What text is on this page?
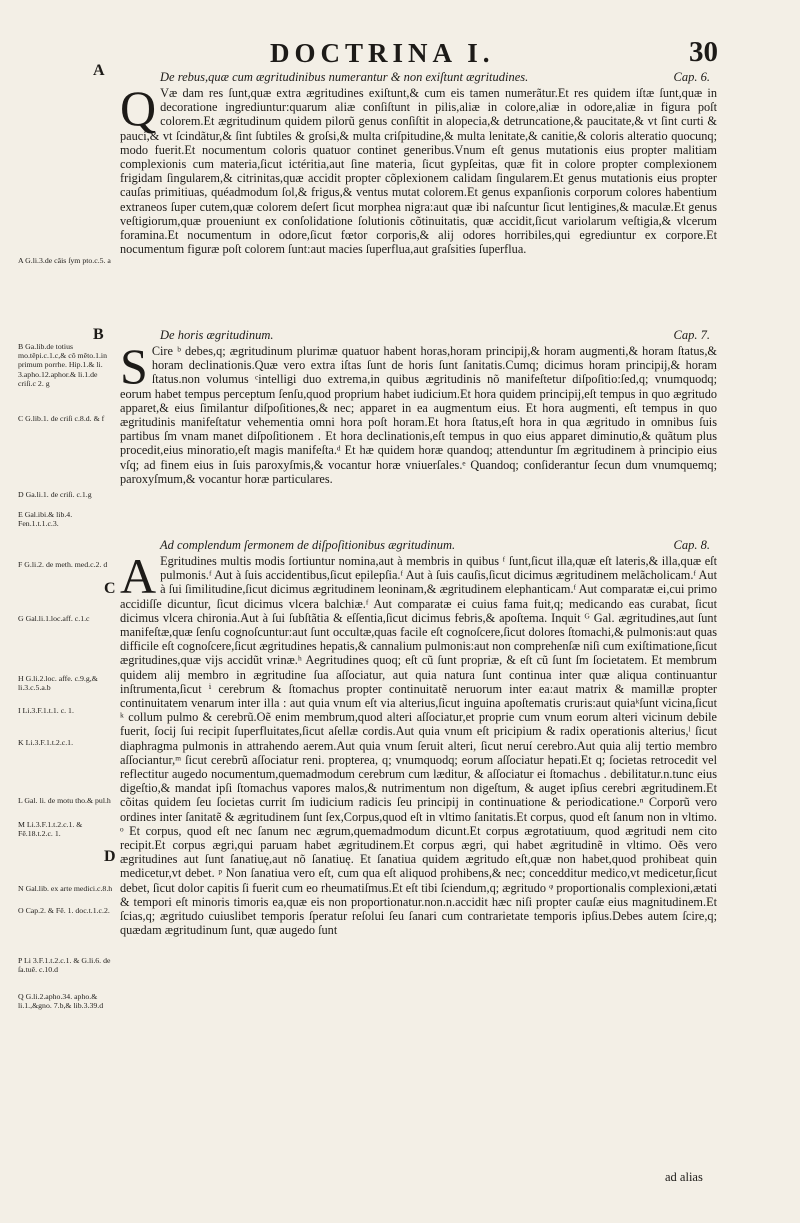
DOCTRINA I.	30
A
B
C
D
De rebus,quæ cum ægritudinibus numerantur & non exiſtunt ægritudines.	Cap. 6.

Q Væ dam res ſunt,quæ extra ægritudines exiſtunt,& cum eis tamen numerãtur.Et res quidem iſtæ ſunt,quæ in decoratione ingrediuntur:quarum aliæ conſiſtunt in pilis,aliæ in colore,aliæ in odore,aliæ in figura poſt colorem.Et ægritudinum quidem pilorũ genus conſiſtit in alopecia,& detruncatione,& paucitate,& vt ſint curti & pauci,& vt ſcindãtur,& ſint ſubtiles & groſsi,& multa criſpitudine,& multa lenitate,& canitie,& coloris alteratio quocunq; modo fuerit.Et nocumentum coloris quatuor continet generibus.Vnum eſt genus mutationis eius propter malitiam complexionis cum materia,ſicut ictéritia,aut ſine materia, ſicut gypſeitas, quæ fit in colore propter complexionem frigidam ſingularem,& citrinitas,quæ accidit propter cõplexionem calidam ſingularem.Et genus mutationis eius propter cauſas primitiuas, quéadmodum ſol,& frigus,& ventus mutat colorem.Et genus expanſionis corporum colores habentium extraneos ſuper cutem,quæ colorem deſert ſicut morphea nigra:aut quæ ibi naſcuntur ſicut lentigines,& maculæ.Et genus veſtigiorum,quæ proueniunt ex conſolidatione ſolutionis cõtinuitatis, quæ accidit,ſicut variolarum veſtigia,& vlcerum foramina.Et nocumentum in odore,ſicut fœtor corporis,& alij odores horribiles,qui egrediuntur ex corpore.Et nocumentum figuræ poſt colorem ſunt:aut macies ſuperflua,aut graſsities ſuperflua.

De horis ægritudinum.	Cap. 7.

S Cire ᵇ debes,q; ægritudinum plurimæ quatuor habent horas,horam principij,& horam augmenti,& horam ſtatus,& horam declinationis.Quæ vero extra iſtas ſunt de horis ſunt ſanitatis.Cumq; dicimus horam principij,& horam ſtatus.non volumus ᶜintelligi duo extrema,in quibus ægritudinis nõ manifeſtetur diſpoſitio:ſed,q; vnumquodq; eorum habet tempus perceptum ſenſu,quod proprium habet iudicium.Et hora quidem principij,eſt tempus in quo ægritudo apparet,& eius ſimilantur diſpoſitiones,& nec; apparet in ea augmentum eius. Et hora augmenti, eſt tempus in quo ægritudinis manifeſtatur vehementia omni hora poſt horam.Et hora ſtatus,eſt hora in qua ægritudo in omnibus ſuis partibus ſm vnam manet diſpoſitionem . Et hora declinationis,eſt tempus in quo eius apparet diminutio,& quãtum plus procedit,eius minoratio,eſt magis manifeſta.ᵈ Et hæ quidem horæ quandoq; attenduntur ſm ægritudinem à principio eius vſq; ad finem eius in ſuis paroxyſmis,& vocantur horæ vniuerſales.ᵉ Quandoq; conſiderantur ſecun dum vnumquemq; paroxyſmum,& vocantur horæ particulares.

Ad complendum ſermonem de diſpoſitionibus ægritudinum.	Cap. 8.

A Egritudines multis modis ſortiuntur nomina,aut à membris in quibus ᶠ ſunt,ſicut illa,quæ eſt lateris,& illa,quæ eſt pulmonis.ᶠ Aut à ſuis accidentibus,ſicut epilepſia.ᶠ Aut à ſuis cauſis,ſicut dicimus ægritudinem melãcholicam.ᶠ Aut à ſui ſimilitudine,ſicut dicimus ægritudinem leoninam,& ægritudinem elephanticam.ᶠ Aut comparatæ ei,cui primo accidiſſe dicuntur, ſicut dicimus vlcera balchiæ.ᶠ Aut comparatæ ei cuius fama fuit,q; medicando eas curabat, ſicut dicimus vlcera chironia.Aut à ſui ſubſtãtia & eſſentia,ſicut dicimus febris,& apoſtema. Inquit ᴳ Gal. ægritudines,aut ſunt manifeſtæ,quæ ſenſu cognoſcuntur:aut ſunt occultæ,quas facile eſt cognoſcere,ſicut dolores ſtomachi,& pulmonis:aut quas difficile eſt cognoſcere,ſicut ægritudines hepatis,& cannalium pulmonis:aut non comprehenſæ niſi cum exiſtimatione,ſicut ægritudines,quæ vijs accidũt vrinæ.ʰ Aegritudines quoq; eſt cũ ſunt propriæ, & eſt cũ ſunt ſm ſocietatem. Et membrum quidem alij membro in ægritudine ſua aſſociatur, aut quia natura ſunt continua inter quæ aliqua continuantur inſtrumenta,ſicut ⁱ cerebrum & ſtomachus propter continuitatẽ neruorum inter ea:aut matrix & mamillæ propter continuitatem venarum inter illa : aut quia vnum eſt via alterius,ſicut inguina apoſtematis cruris:aut quiaᵏſunt vicina,ſicut ᵏ collum pulmo & cerebrũ.Oẽ enim membrum,quod alteri aſſociatur,et proprie cum vnum eorum alteri vicinum debile fuerit, ſocij ſui recipit ſuperfluitates,ſicut aſellæ cordis.Aut quia vnum eſt pricipium & radix operationis alterius,ˡ ſicut diaphragma pulmonis in attrahendo aerem.Aut quia vnum ſeruit alteri, ſicut neruí cerebro.Aut quia alij tertio membro aſſociantur,ᵐ ſicut cerebrũ aſſociatur reni. propterea, q; vnumquodq; eorum aſſociatur hepati.Et q; ſocietas retrocedit vel reflectitur augedo nocumentum,quemadmodum cerebrum cum læditur, & aſſociatur ei ſtomachus . debilitatur.n.tunc eius digeſtio,& mandat ipſi ſtomachus vapores malos,& nutrimentum non digeſtum, & auget ipſius cerebri ægritudinem.Et cõitas quidem ſeu ſocietas currit ſm iudicium radicis ſeu principij in continuatione & periodicatione.ⁿ Corporũ vero ordines inter ſanitatẽ & ægritudinem ſunt ſex,Corpus,quod eſt in vltimo ſanitatis.Et corpus, quod eſt ſanum non in vltimo. ᵒ Et corpus, quod eſt nec ſanum nec ægrum,quemadmodum dicunt.Et corpus ægrotatiuum, quod ægritudi nem cito recipit.Et corpus ægri,qui paruam habet ægritudinem.Et corpus ægri, qui habet ægritudinẽ in vltimo. Oẽs vero ægritudines aut ſunt ſanatiuę,aut nõ ſanatiuę. Et ſanatiua quidem ægritudo eſt,quæ non habet,quod prohibeat quin medicetur,vt debet. ᵖ Non ſanatiua vero eſt, cum qua eſt aliquod prohibens,& nec; concedditur medico,vt medicetur,ſicut debet, ſicut dolor capitis ſi fuerit cum eo rheumatiſmus.Et eſt tibi ſciendum,q; ægritudo ᵠ proportionalis complexioni,ætati & tempori eſt minoris timoris ea,quæ eis non proportionatur.non.n.accidit hæc niſi propter cauſæ eius magnitudinem.Et ſcias,q; ægritudo cuiuslibet temporis ſperatur reſolui ſeu ſanari cum contrarietate temporis ipſius.Debes autem ſcire,q; quædam ægritudinum ſunt, quæ augedo ſunt

ad alias

A G.li.3.de cãis ſym pto.c.5. a

B Ga.lib.de totius mo.tẽpi.c.1.c,& cõ mẽto.1.in primum porrhe. Hip.1.& li. 3.apho.12.aphor.& li.1.de criſi.c 2. g

C G.lib.1. de criſi c.8.d. & f

D Ga.li.1. de criſi. c.1.g

E Gal.ibi.& lib.4. Fen.1.t.1.c.3.

F G.li.2. de meth. med.c.2. d

G Gal.li.1.loc.aff. c.1.c

H G.li.2.loc. affe. c.9.g,& li.3.c.5.a.b

I Li.3.F.1.t.1. c. 1.

K Li.3.F.1.t.2.c.1.

L Gal. li. de motu tho.& pul.h

M Li.3.F.1.t.2.c.1. & Fẽ.18.t.2.c. 1.

N Gal.lib. ex arte medici.c.8.h

O Cap.2. & Fẽ. 1. doc.t.1.c.2.

P Li 3.F.1.t.2.c.1. & G.li.6. de ſa.tuẽ. c.10.d

Q G.li.2.apho.34. apho.& li.1.,&gno. 7.b,& lib.3.39.d
